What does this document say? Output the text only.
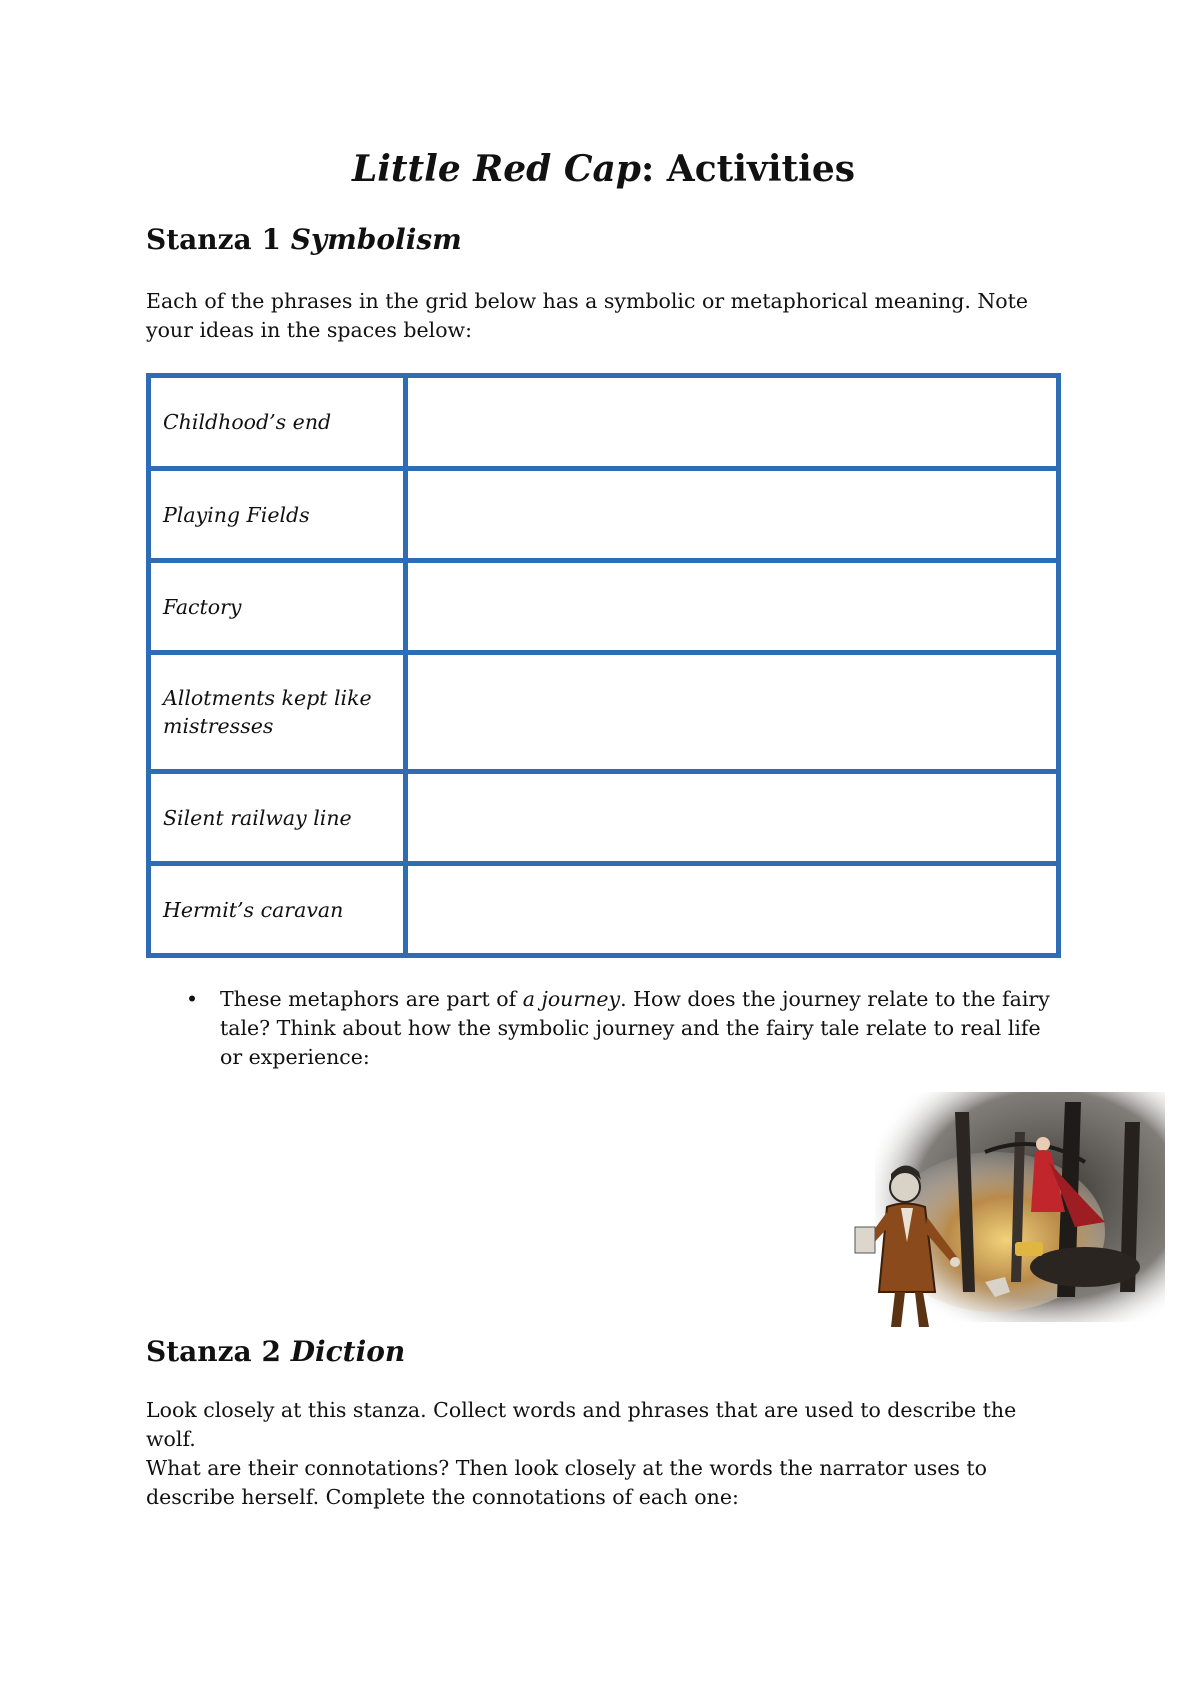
Little Red Cap: Activities
Stanza 1 Symbolism

Each of the phrases in the grid below has a symbolic or metaphorical meaning. Note
your ideas in the spaces below:

Childhood’s end	
Playing Fields	
Factory	
Allotments kept like mistresses	
Silent railway line	
Hermit’s caravan	
• These metaphors are part of a journey. How does the journey relate to the fairy tale? Think about how the symbolic journey and the fairy tale relate to real life or experience:
Stanza 2 Diction

Look closely at this stanza. Collect words and phrases that are used to describe the wolf.
What are their connotations? Then look closely at the words the narrator uses to
describe herself. Complete the connotations of each one:
